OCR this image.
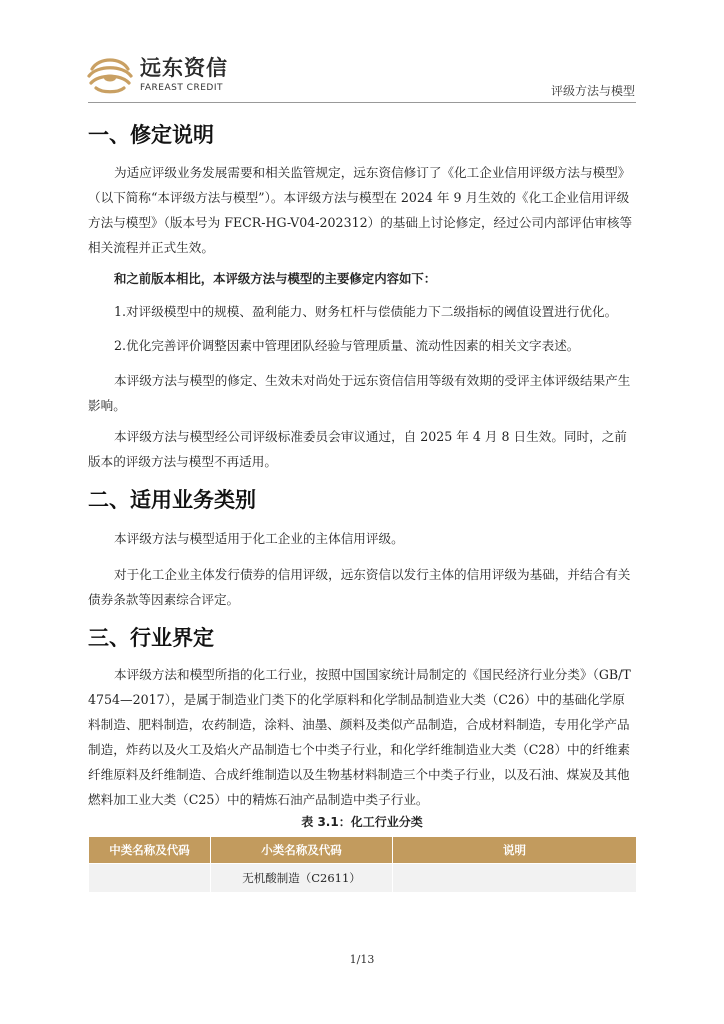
远东资信
FAREAST CREDIT	评级方法与模型
一、修定说明

为适应评级业务发展需要和相关监管规定，远东资信修订了《化工企业信用评级方法与模型》（以下简称“本评级方法与模型”）。本评级方法与模型在 2024 年 9 月生效的《化工企业信用评级方法与模型》（版本号为 FECR-HG-V04-202312）的基础上讨论修定，经过公司内部评估审核等相关流程并正式生效。

和之前版本相比，本评级方法与模型的主要修定内容如下：

1.对评级模型中的规模、盈利能力、财务杠杆与偿债能力下二级指标的阈值设置进行优化。

2.优化完善评价调整因素中管理团队经验与管理质量、流动性因素的相关文字表述。

本评级方法与模型的修定、生效未对尚处于远东资信信用等级有效期的受评主体评级结果产生影响。

本评级方法与模型经公司评级标准委员会审议通过，自 2025 年 4 月 8 日生效。同时，之前版本的评级方法与模型不再适用。

二、适用业务类别

本评级方法与模型适用于化工企业的主体信用评级。

对于化工企业主体发行债券的信用评级，远东资信以发行主体的信用评级为基础，并结合有关债券条款等因素综合评定。

三、行业界定

本评级方法和模型所指的化工行业，按照中国国家统计局制定的《国民经济行业分类》（GB/T 4754—2017），是属于制造业门类下的化学原料和化学制品制造业大类（C26）中的基础化学原料制造、肥料制造，农药制造，涂料、油墨、颜料及类似产品制造，合成材料制造，专用化学产品制造，炸药以及火工及焰火产品制造七个中类子行业，和化学纤维制造业大类（C28）中的纤维素纤维原料及纤维制造、合成纤维制造以及生物基材料制造三个中类子行业，以及石油、煤炭及其他燃料加工业大类（C25）中的精炼石油产品制造中类子行业。

表 3.1：化工行业分类
中类名称及代码	小类名称及代码	说明
	无机酸制造（C2611）	
1/13
